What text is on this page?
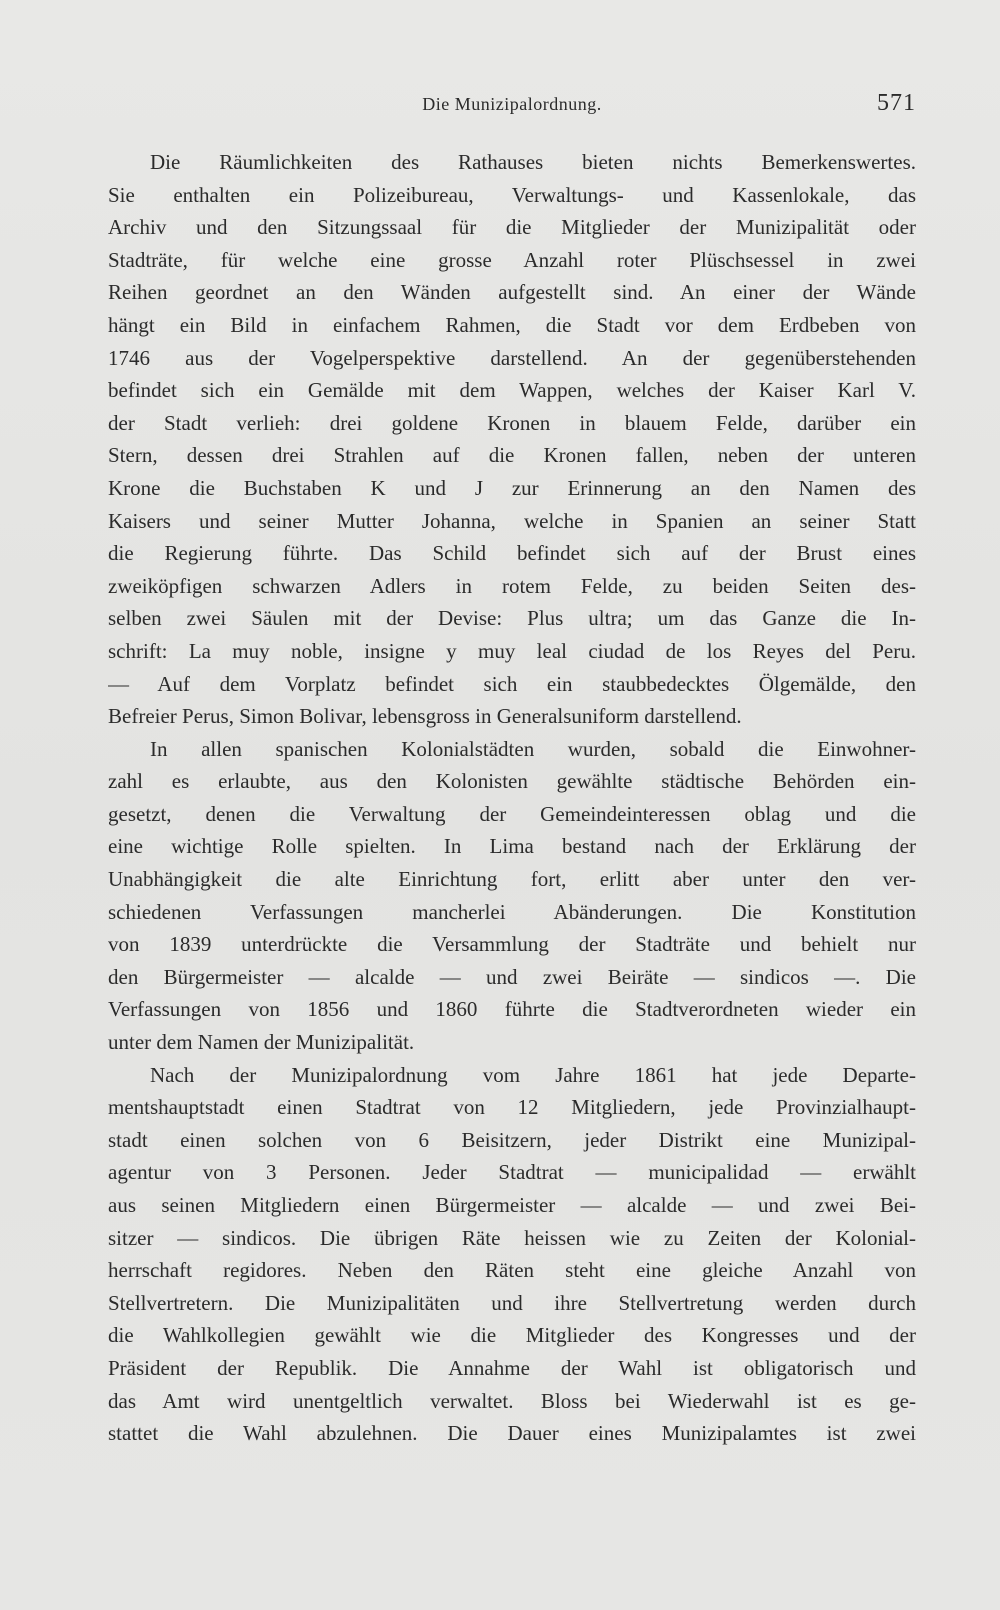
Die Munizipalordnung.	571
Die Räumlichkeiten des Rathauses bieten nichts Bemerkenswertes.
Sie enthalten ein Polizeibureau, Verwaltungs- und Kassenlokale, das
Archiv und den Sitzungssaal für die Mitglieder der Munizipalität oder
Stadträte, für welche eine grosse Anzahl roter Plüschsessel in zwei
Reihen geordnet an den Wänden aufgestellt sind. An einer der Wände
hängt ein Bild in einfachem Rahmen, die Stadt vor dem Erdbeben von
1746 aus der Vogelperspektive darstellend. An der gegenüberstehenden
befindet sich ein Gemälde mit dem Wappen, welches der Kaiser Karl V.
der Stadt verlieh: drei goldene Kronen in blauem Felde, darüber ein
Stern, dessen drei Strahlen auf die Kronen fallen, neben der unteren
Krone die Buchstaben K und J zur Erinnerung an den Namen des
Kaisers und seiner Mutter Johanna, welche in Spanien an seiner Statt
die Regierung führte. Das Schild befindet sich auf der Brust eines
zweiköpfigen schwarzen Adlers in rotem Felde, zu beiden Seiten des-
selben zwei Säulen mit der Devise: Plus ultra; um das Ganze die In-
schrift: La muy noble, insigne y muy leal ciudad de los Reyes del Peru.
— Auf dem Vorplatz befindet sich ein staubbedecktes Ölgemälde, den
Befreier Perus, Simon Bolivar, lebensgross in Generalsuniform darstellend.
In allen spanischen Kolonialstädten wurden, sobald die Einwohner-
zahl es erlaubte, aus den Kolonisten gewählte städtische Behörden ein-
gesetzt, denen die Verwaltung der Gemeindeinteressen oblag und die
eine wichtige Rolle spielten. In Lima bestand nach der Erklärung der
Unabhängigkeit die alte Einrichtung fort, erlitt aber unter den ver-
schiedenen Verfassungen mancherlei Abänderungen. Die Konstitution
von 1839 unterdrückte die Versammlung der Stadträte und behielt nur
den Bürgermeister — alcalde — und zwei Beiräte — sindicos —. Die
Verfassungen von 1856 und 1860 führte die Stadtverordneten wieder ein
unter dem Namen der Munizipalität.
Nach der Munizipalordnung vom Jahre 1861 hat jede Departe-
mentshauptstadt einen Stadtrat von 12 Mitgliedern, jede Provinzialhaupt-
stadt einen solchen von 6 Beisitzern, jeder Distrikt eine Munizipal-
agentur von 3 Personen. Jeder Stadtrat — municipalidad — erwählt
aus seinen Mitgliedern einen Bürgermeister — alcalde — und zwei Bei-
sitzer — sindicos. Die übrigen Räte heissen wie zu Zeiten der Kolonial-
herrschaft regidores. Neben den Räten steht eine gleiche Anzahl von
Stellvertretern. Die Munizipalitäten und ihre Stellvertretung werden durch
die Wahlkollegien gewählt wie die Mitglieder des Kongresses und der
Präsident der Republik. Die Annahme der Wahl ist obligatorisch und
das Amt wird unentgeltlich verwaltet. Bloss bei Wiederwahl ist es ge-
stattet die Wahl abzulehnen. Die Dauer eines Munizipalamtes ist zwei
